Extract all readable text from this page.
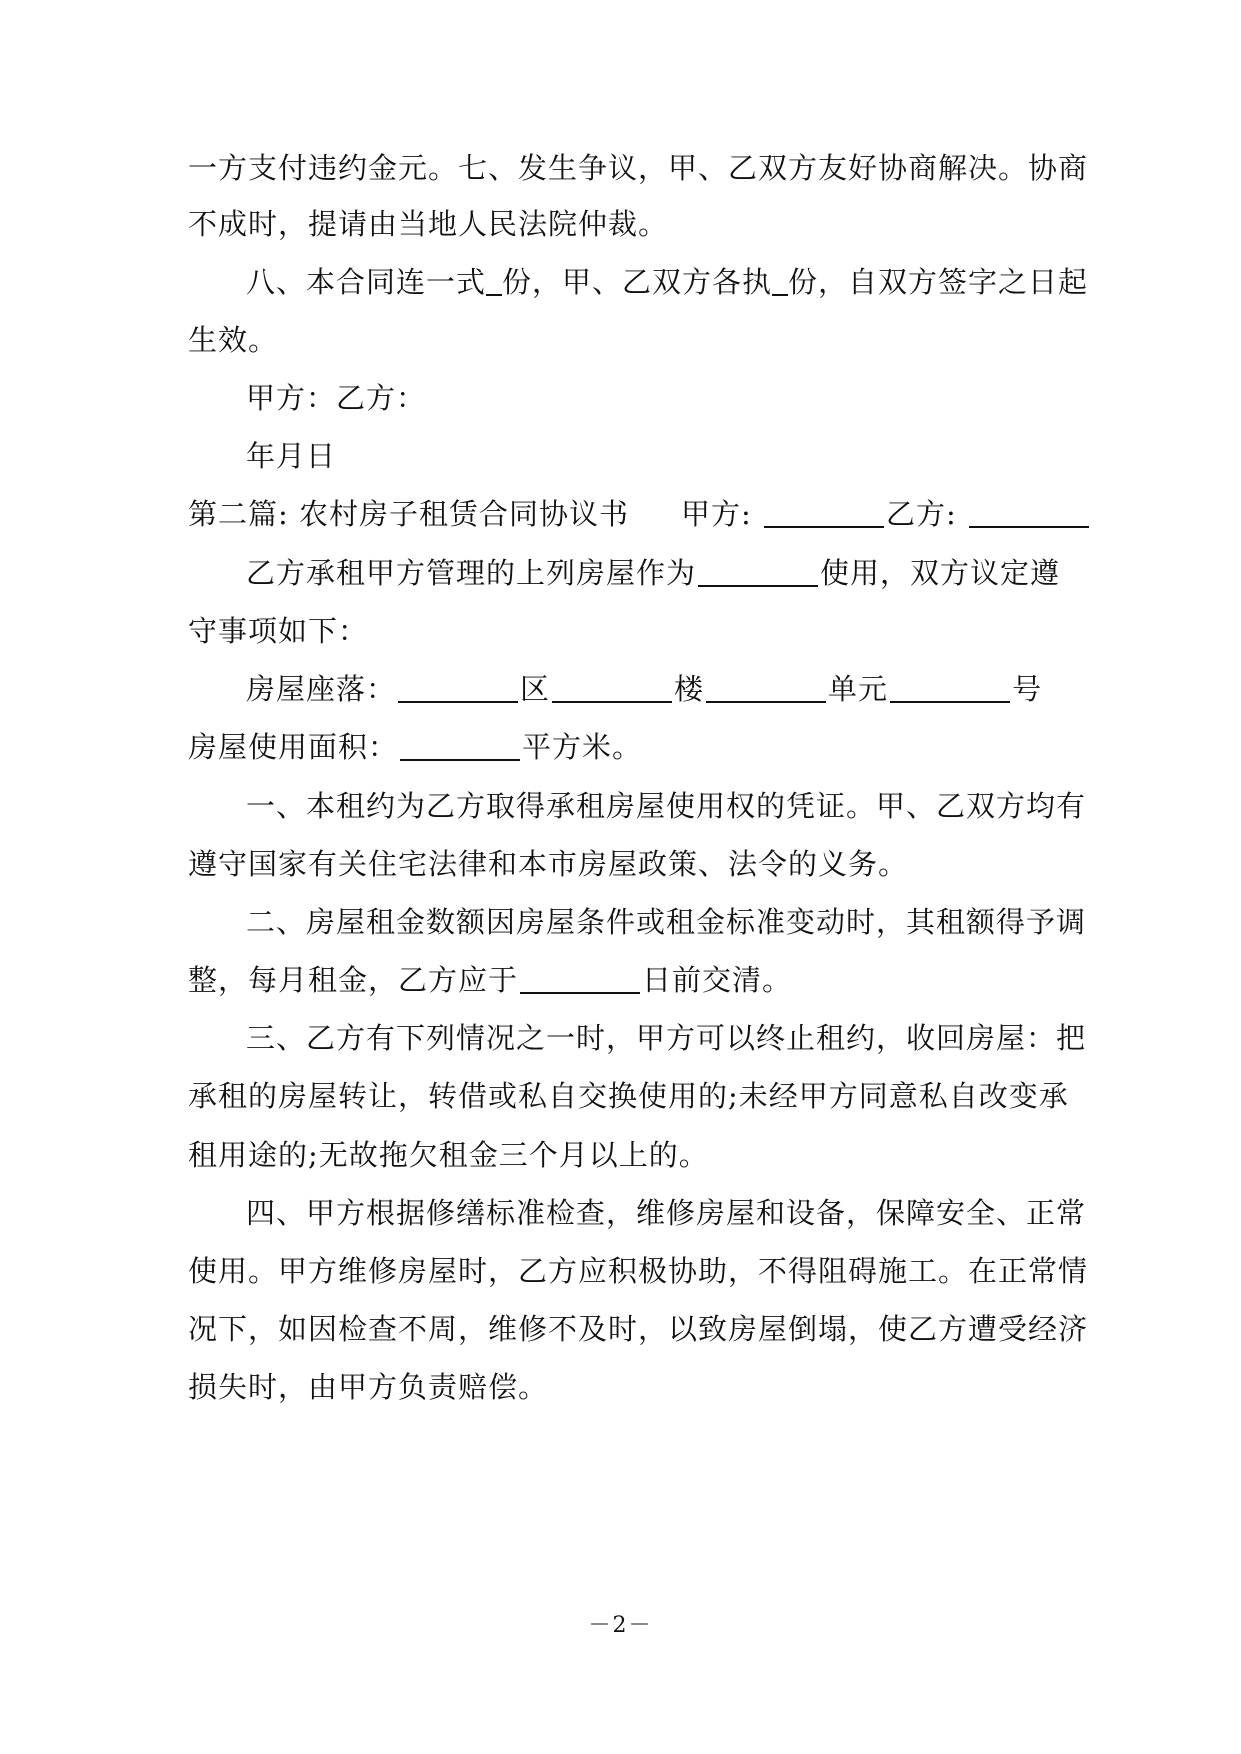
一方支付违约金元。七、发生争议，甲、乙双方友好协商解决。协商
不成时，提请由当地人民法院仲裁。
八、本合同连一式 份，甲、乙双方各执 份，自双方签字之日起
生效。
甲方：乙方：
年月日
第二篇: 农村房子租赁合同协议书 甲方:	乙方:
乙方承租甲方管理的上列房屋作为	使用，双方议定遵
守事项如下：
房屋座落：	区	楼	单元	号
房屋使用面积：	平方米。
一、本租约为乙方取得承租房屋使用权的凭证。甲、乙双方均有
遵守国家有关住宅法律和本市房屋政策、法令的义务。
二、房屋租金数额因房屋条件或租金标准变动时，其租额得予调
整，每月租金，乙方应于	日前交清。
三、乙方有下列情况之一时，甲方可以终止租约，收回房屋：把
承租的房屋转让，转借或私自交换使用的;未经甲方同意私自改变承
租用途的;无故拖欠租金三个月以上的。
四、甲方根据修缮标准检查，维修房屋和设备，保障安全、正常
使用。甲方维修房屋时，乙方应积极协助，不得阻碍施工。在正常情
况下，如因检查不周，维修不及时，以致房屋倒塌，使乙方遭受经济
损失时，由甲方负责赔偿。
－2－
